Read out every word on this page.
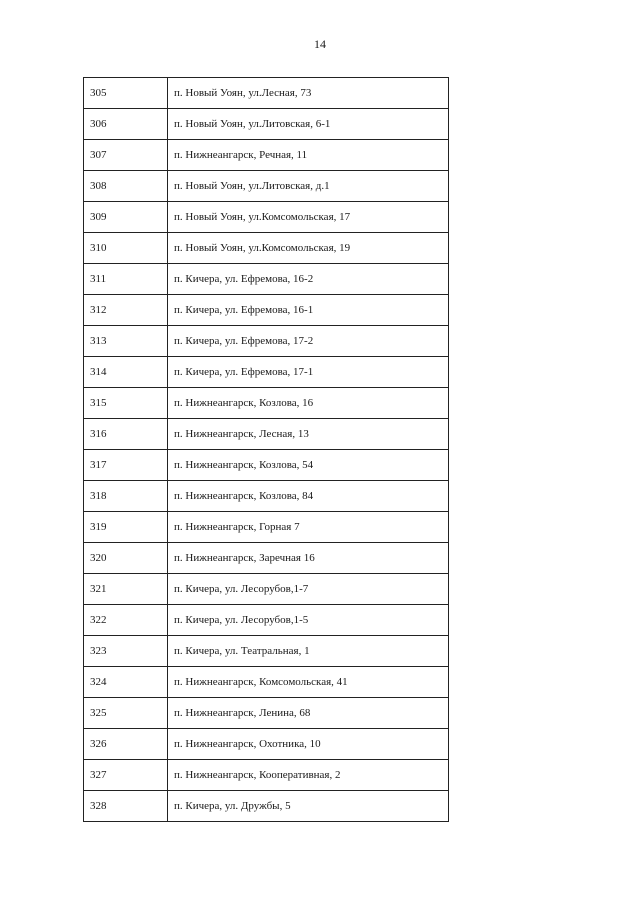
14
305	п. Новый Уоян, ул.Лесная, 73
306	п. Новый Уоян, ул.Литовская, 6-1
307	п. Нижнеангарск, Речная, 11
308	п. Новый Уоян, ул.Литовская, д.1
309	п. Новый Уоян, ул.Комсомольская, 17
310	п. Новый Уоян, ул.Комсомольская, 19
311	п. Кичера, ул. Ефремова, 16-2
312	п. Кичера, ул. Ефремова, 16-1
313	п. Кичера, ул. Ефремова, 17-2
314	п. Кичера, ул. Ефремова, 17-1
315	п. Нижнеангарск, Козлова, 16
316	п. Нижнеангарск, Лесная, 13
317	п. Нижнеангарск, Козлова, 54
318	п. Нижнеангарск, Козлова, 84
319	п. Нижнеангарск, Горная 7
320	п. Нижнеангарск, Заречная 16
321	п. Кичера, ул. Лесорубов,1-7
322	п. Кичера, ул. Лесорубов,1-5
323	п. Кичера, ул. Театральная, 1
324	п. Нижнеангарск, Комсомольская, 41
325	п. Нижнеангарск, Ленина, 68
326	п. Нижнеангарск, Охотника, 10
327	п. Нижнеангарск, Кооперативная, 2
328	п. Кичера, ул. Дружбы, 5
